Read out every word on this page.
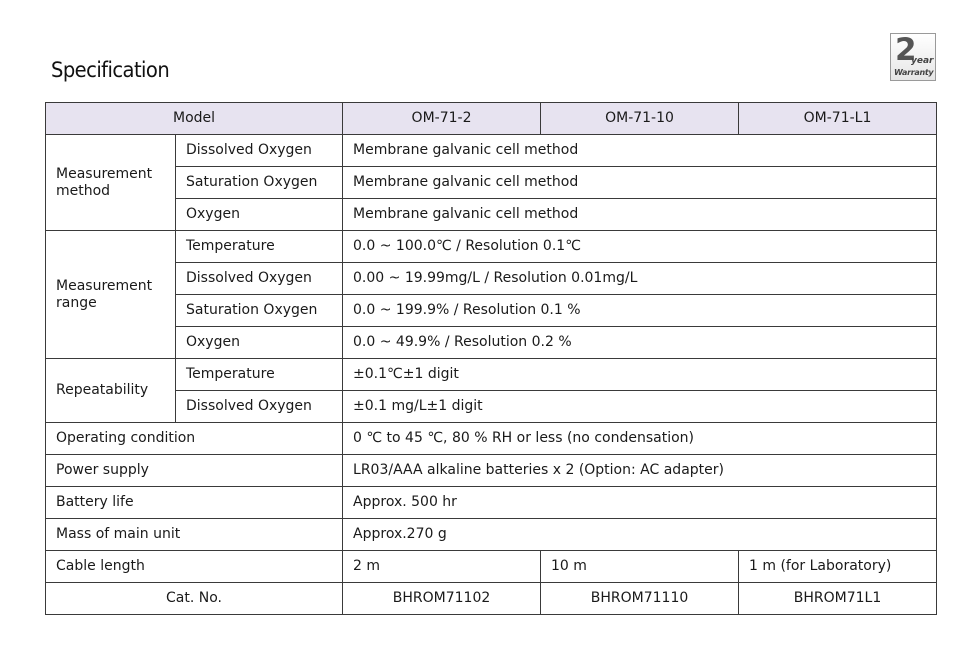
Specification
2
year
Warranty
Model		OM-71-2	OM-71-10	OM-71-L1
Measurement method	Dissolved Oxygen	Membrane galvanic cell method		
	Saturation Oxygen	Membrane galvanic cell method		
	Oxygen	Membrane galvanic cell method		
Measurement range	Temperature	0.0 ~ 100.0℃ / Resolution 0.1℃		
	Dissolved Oxygen	0.00 ~ 19.99mg/L / Resolution 0.01mg/L		
	Saturation Oxygen	0.0 ~ 199.9% / Resolution 0.1 %		
	Oxygen	0.0 ~ 49.9% / Resolution 0.2 %		
Repeatability	Temperature	±0.1℃±1 digit		
	Dissolved Oxygen	±0.1 mg/L±1 digit		
Operating condition		0 ℃ to 45 ℃, 80 % RH or less (no condensation)		
Power supply		LR03/AAA alkaline batteries x 2 (Option: AC adapter)		
Battery life		Approx. 500 hr		
Mass of main unit		Approx.270 g		
Cable length		2 m	10 m	1 m (for Laboratory)
Cat. No.		BHROM71102	BHROM71110	BHROM71L1
